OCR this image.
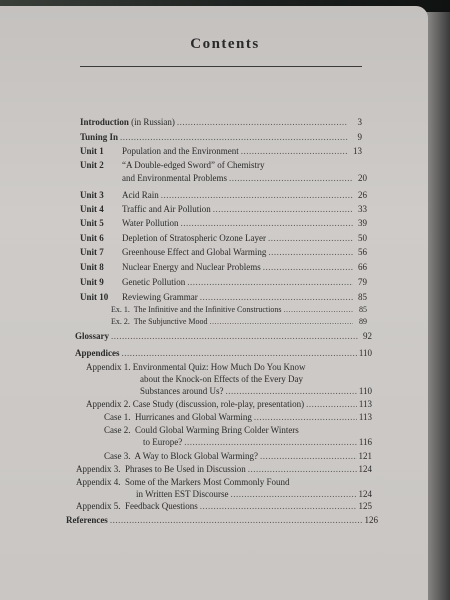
Contents
Introduction (in Russian) .....	3
Tuning In .....	9
Unit 1	Population and the Environment .....	13
Unit 2	“A Double-edged Sword” of Chemistry
and Environmental Problems .....	20
Unit 3	Acid Rain .....	26
Unit 4	Traffic and Air Pollution .....	33
Unit 5	Water Pollution .....	39
Unit 6	Depletion of Stratospheric Ozone Layer .....	50
Unit 7	Greenhouse Effect and Global Warming .....	56
Unit 8	Nuclear Energy and Nuclear Problems .....	66
Unit 9	Genetic Pollution .....	79
Unit 10	Reviewing Grammar .....	85
Ex. 1.  The Infinitive and the Infinitive Constructions .....	85
Ex. 2.  The Subjunctive Mood .....	89
Glossary .....	92
Appendices .....	110
Appendix 1. Environmental Quiz: How Much Do You Know
about the Knock-on Effects of the Every Day
Substances around Us? .....	110
Appendix 2. Case Study (discussion, role-play, presentation) .....	113
Case 1.  Hurricanes and Global Warming .....	113
Case 2.  Could Global Warming Bring Colder Winters
to Europe? .....	116
Case 3.  A Way to Block Global Warming? .....	121
Appendix 3.  Phrases to Be Used in Discussion .....	124
Appendix 4.  Some of the Markers Most Commonly Found
in Written EST Discourse .....	124
Appendix 5.  Feedback Questions .....	125
References .....	126
